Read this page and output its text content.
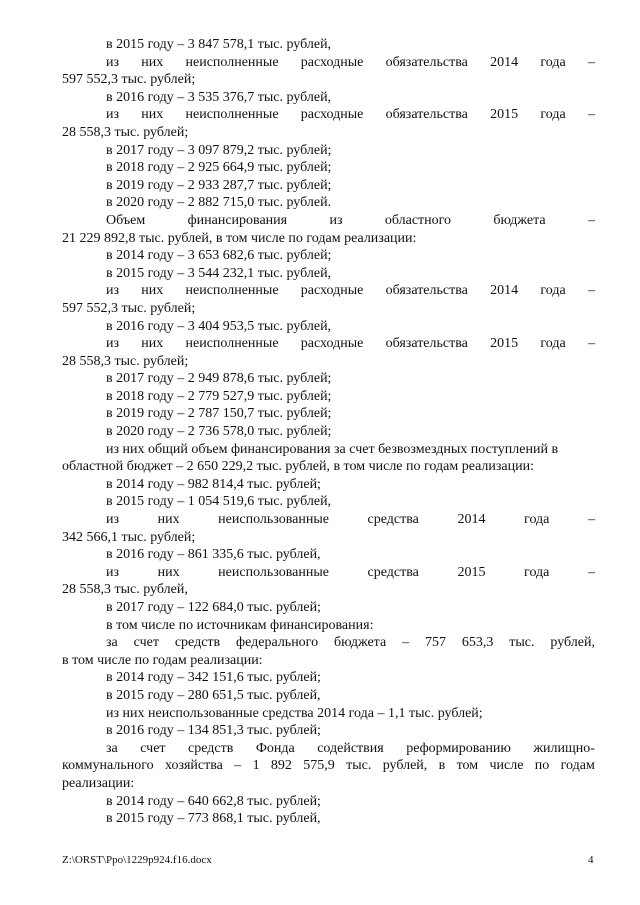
в 2015 году – 3 847 578,1 тыс. рублей,
из них неисполненные расходные обязательства 2014 года –
597 552,3 тыс. рублей;
в 2016 году – 3 535 376,7 тыс. рублей,
из них неисполненные расходные обязательства 2015 года –
28 558,3 тыс. рублей;
в 2017 году – 3 097 879,2 тыс. рублей;
в 2018 году – 2 925 664,9 тыс. рублей;
в 2019 году – 2 933 287,7 тыс. рублей;
в 2020 году – 2 882 715,0 тыс. рублей.
Объем	финансирования	из	областного	бюджета	–
21 229 892,8 тыс. рублей, в том числе по годам реализации:
в 2014 году – 3 653 682,6 тыс. рублей;
в 2015 году – 3 544 232,1 тыс. рублей,
из них неисполненные расходные обязательства 2014 года –
597 552,3 тыс. рублей;
в 2016 году – 3 404 953,5 тыс. рублей,
из них неисполненные расходные обязательства 2015 года –
28 558,3 тыс. рублей;
в 2017 году – 2 949 878,6 тыс. рублей;
в 2018 году – 2 779 527,9 тыс. рублей;
в 2019 году – 2 787 150,7 тыс. рублей;
в 2020 году – 2 736 578,0 тыс. рублей;
из них общий объем финансирования за счет безвозмездных поступлений в
областной бюджет – 2 650 229,2 тыс. рублей, в том числе по годам реализации:
в 2014 году – 982 814,4 тыс. рублей;
в 2015 году – 1 054 519,6 тыс. рублей,
из	них	неиспользованные	средства	2014	года	–
342 566,1 тыс. рублей;
в 2016 году – 861 335,6 тыс. рублей,
из	них	неиспользованные	средства	2015	года	–
28 558,3 тыс. рублей,
в 2017 году – 122 684,0 тыс. рублей;
в том числе по источникам финансирования:
за счет средств федерального бюджета – 757 653,3 тыс. рублей,
в том числе по годам реализации:
в 2014 году – 342 151,6 тыс. рублей;
в 2015 году – 280 651,5 тыс. рублей,
из них неиспользованные средства 2014 года – 1,1 тыс. рублей;
в 2016 году – 134 851,3 тыс. рублей;
за счет средств Фонда содействия реформированию жилищно-
коммунального хозяйства – 1 892 575,9 тыс. рублей, в том числе по годам
реализации:
в 2014 году – 640 662,8 тыс. рублей;
в 2015 году – 773 868,1 тыс. рублей,
Z:\ORST\Ppo\1229p924.f16.docx	4
